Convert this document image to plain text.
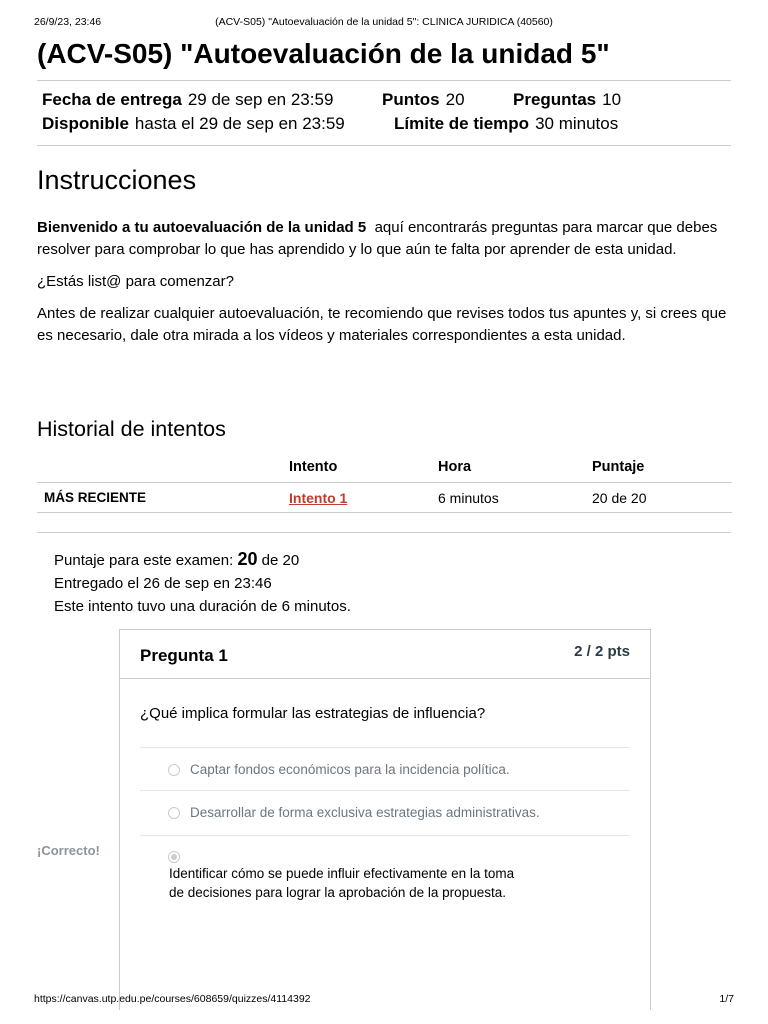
26/9/23, 23:46	(ACV-S05) "Autoevaluación de la unidad 5": CLINICA JURIDICA (40560)
(ACV-S05) "Autoevaluación de la unidad 5"
Fecha de entrega 29 de sep en 23:59	Puntos 20	Preguntas 10
Disponible hasta el 29 de sep en 23:59	Límite de tiempo 30 minutos
Instrucciones

Bienvenido a tu autoevaluación de la unidad 5 aquí encontrarás preguntas para marcar que debes resolver para comprobar lo que has aprendido y lo que aún te falta por aprender de esta unidad.

¿Estás list@ para comenzar?

Antes de realizar cualquier autoevaluación, te recomiendo que revises todos tus apuntes y, si crees que es necesario, dale otra mirada a los vídeos y materiales correspondientes a esta unidad.

Historial de intentos
	Intento	Hora	Puntaje
MÁS RECIENTE	Intento 1	6 minutos	20 de 20
Puntaje para este examen: 20 de 20
Entregado el 26 de sep en 23:46
Este intento tuvo una duración de 6 minutos.
Pregunta 1	2 / 2 pts
¿Qué implica formular las estrategias de influencia?
Captar fondos económicos para la incidencia política.
Desarrollar de forma exclusiva estrategias administrativas.
Identificar cómo se puede influir efectivamente en la toma de decisiones para lograr la aprobación de la propuesta.
¡Correcto!
https://canvas.utp.edu.pe/courses/608659/quizzes/4114392	1/7
